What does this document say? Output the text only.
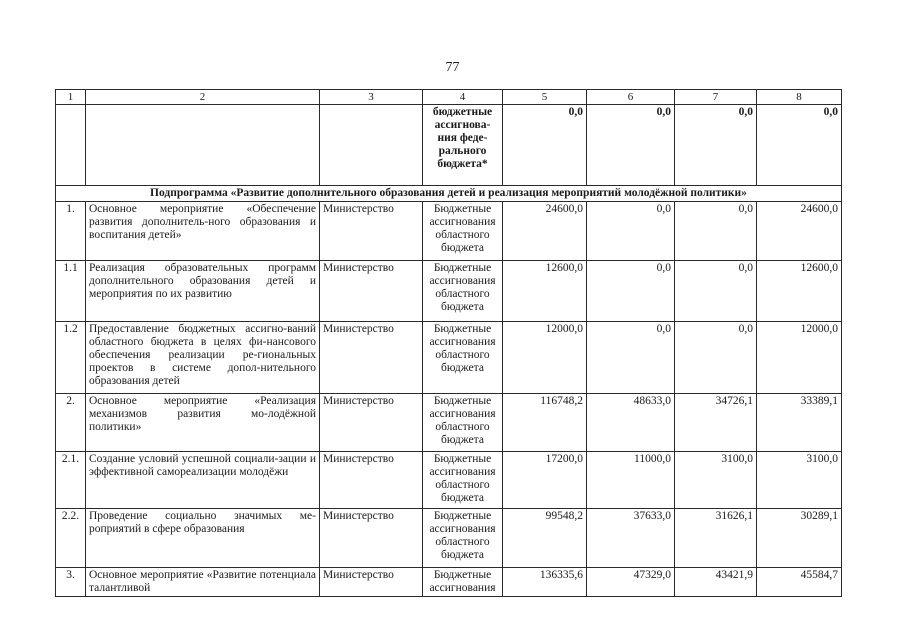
77
1	2	3	4	5	6	7	8
			бюджетные ассигнова-ния феде-рального бюджета*	0,0	0,0	0,0	0,0
Подпрограмма «Развитие дополнительного образования детей и реализация мероприятий молодёжной политики»							
1.	Основное мероприятие «Обеспечение развития дополнитель-ного образования и воспитания детей»	Министерство	Бюджетные ассигнования областного бюджета	24600,0	0,0	0,0	24600,0
1.1	Реализация образовательных программ дополнительного образования детей и мероприятия по их развитию	Министерство	Бюджетные ассигнования областного бюджета	12600,0	0,0	0,0	12600,0
1.2	Предоставление бюджетных ассигно-ваний областного бюджета в целях фи-нансового обеспечения реализации ре-гиональных проектов в системе допол-нительного образования детей	Министерство	Бюджетные ассигнования областного бюджета	12000,0	0,0	0,0	12000,0
2.	Основное мероприятие «Реализация механизмов развития мо-лодёжной политики»	Министерство	Бюджетные ассигнования областного бюджета	116748,2	48633,0	34726,1	33389,1
2.1.	Создание условий успешной социали-зации и эффективной самореализации молодёжи	Министерство	Бюджетные ассигнования областного бюджета	17200,0	11000,0	3100,0	3100,0
2.2.	Проведение социально значимых ме-роприятий в сфере образования	Министерство	Бюджетные ассигнования областного бюджета	99548,2	37633,0	31626,1	30289,1
3.	Основное мероприятие «Развитие потенциала талантливой	Министерство	Бюджетные ассигнования	136335,6	47329,0	43421,9	45584,7
